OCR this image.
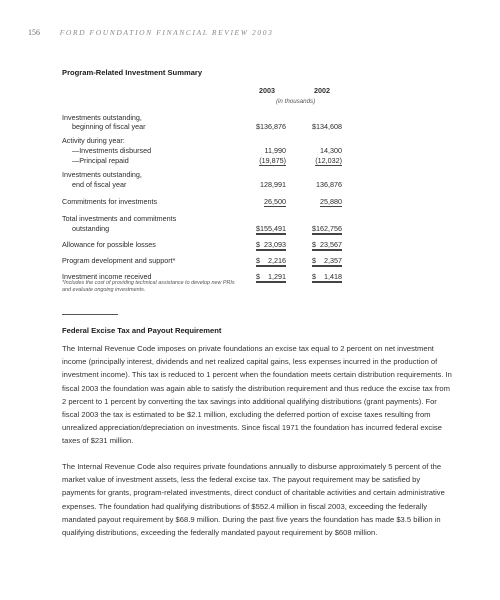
156	FORD FOUNDATION FINANCIAL REVIEW 2003
Program-Related Investment Summary
2003	2002
(in thousands)
Investments outstanding,
beginning of fiscal year	$136,876	$134,608
Activity during year:
—Investments disbursed	11,990	14,300
—Principal repaid	(19,875)	(12,032)
Investments outstanding,
end of fiscal year	128,991	136,876
Commitments for investments	26,500	25,880
Total investments and commitments
outstanding	$155,491	$162,756
Allowance for possible losses	$  23,093	$  23,567
Program development and support*	$    2,216	$    2,357
Investment income received	$    1,291	$    1,418
*Includes the cost of providing technical assistance to develop new PRIs and evaluate ongoing investments.
Federal Excise Tax and Payout Requirement

The Internal Revenue Code imposes on private foundations an excise tax equal to 2 percent on net investment income (principally interest, dividends and net realized capital gains, less expenses incurred in the production of investment income). This tax is reduced to 1 percent when the foundation meets certain distribution requirements. In fiscal 2003 the foundation was again able to satisfy the distribution requirement and thus reduce the excise tax from 2 percent to 1 percent by converting the tax savings into additional qualifying distributions (grant payments). For fiscal 2003 the tax is estimated to be $2.1 million, excluding the deferred portion of excise taxes resulting from unrealized appreciation/depreciation on investments. Since fiscal 1971 the foundation has incurred federal excise taxes of $231 million.

The Internal Revenue Code also requires private foundations annually to disburse approximately 5 percent of the market value of investment assets, less the federal excise tax. The payout requirement may be satisfied by payments for grants, program-related investments, direct conduct of charitable activities and certain administrative expenses. The foundation had qualifying distributions of $552.4 million in fiscal 2003, exceeding the federally mandated payout requirement by $68.9 million. During the past five years the foundation has made $3.5 billion in qualifying distributions, exceeding the federally mandated payout requirement by $608 million.
